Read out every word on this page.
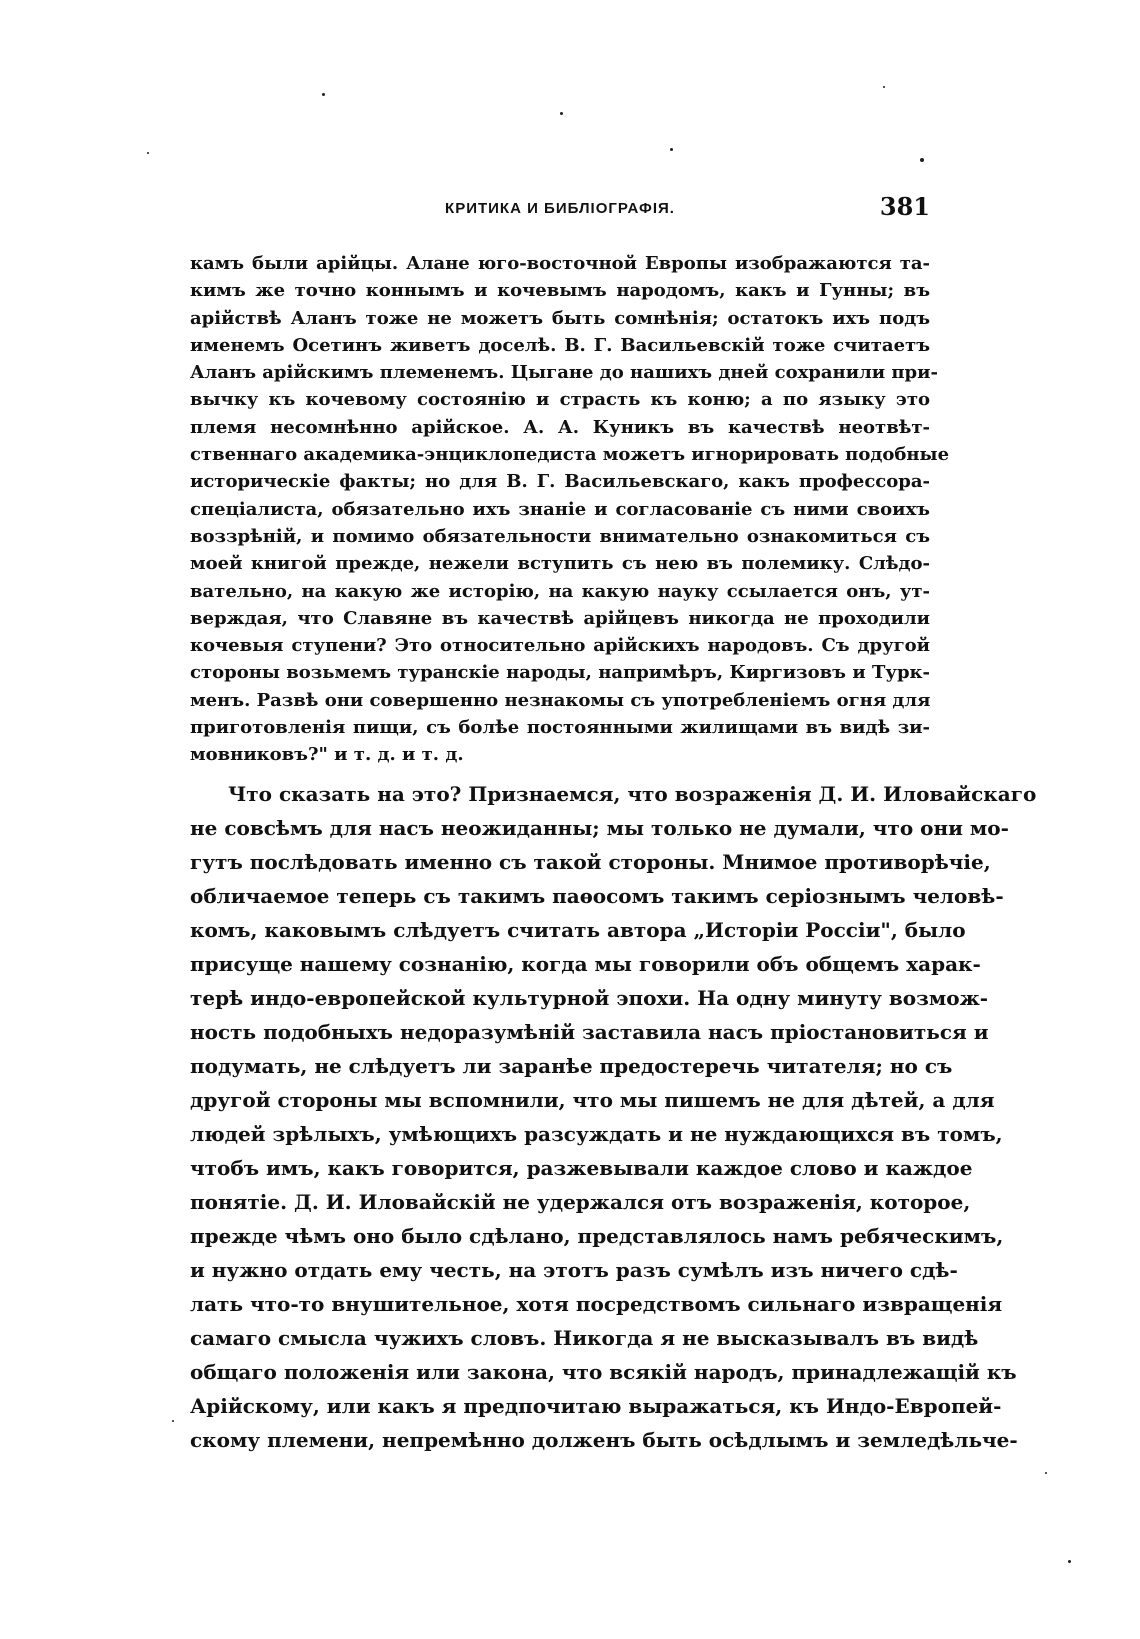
КРИТИКА И БИБЛІОГРАФІЯ.	381
камъ были арійцы. Алане юго-восточной Европы изображаются та-
кимъ же точно коннымъ и кочевымъ народомъ, какъ и Гунны; въ
арійствѣ Аланъ тоже не можетъ быть сомнѣнія; остатокъ ихъ подъ
именемъ Осетинъ живетъ доселѣ. В. Г. Васильевскій тоже считаетъ
Аланъ арійскимъ племенемъ. Цыгане до нашихъ дней сохранили при-
вычку къ кочевому состоянію и страсть къ коню; а по языку это
племя несомнѣнно арійское. А. А. Куникъ въ качествѣ неотвѣт-
ственнаго академика-энциклопедиста можетъ игнорировать подобные
историческіе факты; но для В. Г. Васильевскаго, какъ профессора-
спеціалиста, обязательно ихъ знаніе и согласованіе съ ними своихъ
воззрѣній, и помимо обязательности внимательно ознакомиться съ
моей книгой прежде, нежели вступить съ нею въ полемику. Слѣдо-
вательно, на какую же исторію, на какую науку ссылается онъ, ут-
верждая, что Славяне въ качествѣ арійцевъ никогда не проходили
кочевыя ступени? Это относительно арійскихъ народовъ. Съ другой
стороны возьмемъ туранскіе народы, напримѣръ, Киргизовъ и Турк-
менъ. Развѣ они совершенно незнакомы съ употребленіемъ огня для
приготовленія пищи, съ болѣе постоянными жилищами въ видѣ зи-
мовниковъ?" и т. д. и т. д.
Что сказать на это? Признаемся, что возраженія Д. И. Иловайскаго
не совсѣмъ для насъ неожиданны; мы только не думали, что они мо-
гутъ послѣдовать именно съ такой стороны. Мнимое противорѣчіе,
обличаемое теперь съ такимъ паѳосомъ такимъ серіознымъ человѣ-
комъ, каковымъ слѣдуетъ считать автора „Исторіи Россіи", было
присуще нашему сознанію, когда мы говорили объ общемъ харак-
терѣ индо-европейской культурной эпохи. На одну минуту возмож-
ность подобныхъ недоразумѣній заставила насъ пріостановиться и
подумать, не слѣдуетъ ли заранѣе предостеречь читателя; но съ
другой стороны мы вспомнили, что мы пишемъ не для дѣтей, а для
людей зрѣлыхъ, умѣющихъ разсуждать и не нуждающихся въ томъ,
чтобъ имъ, какъ говорится, разжевывали каждое слово и каждое
понятіе. Д. И. Иловайскій не удержался отъ возраженія, которое,
прежде чѣмъ оно было сдѣлано, представлялось намъ ребяческимъ,
и нужно отдать ему честь, на этотъ разъ сумѣлъ изъ ничего сдѣ-
лать что-то внушительное, хотя посредствомъ сильнаго извращенія
самаго смысла чужихъ словъ. Никогда я не высказывалъ въ видѣ
общаго положенія или закона, что всякій народъ, принадлежащій къ
Арійскому, или какъ я предпочитаю выражаться, къ Индо-Европей-
скому племени, непремѣнно долженъ быть осѣдлымъ и земледѣльче-
